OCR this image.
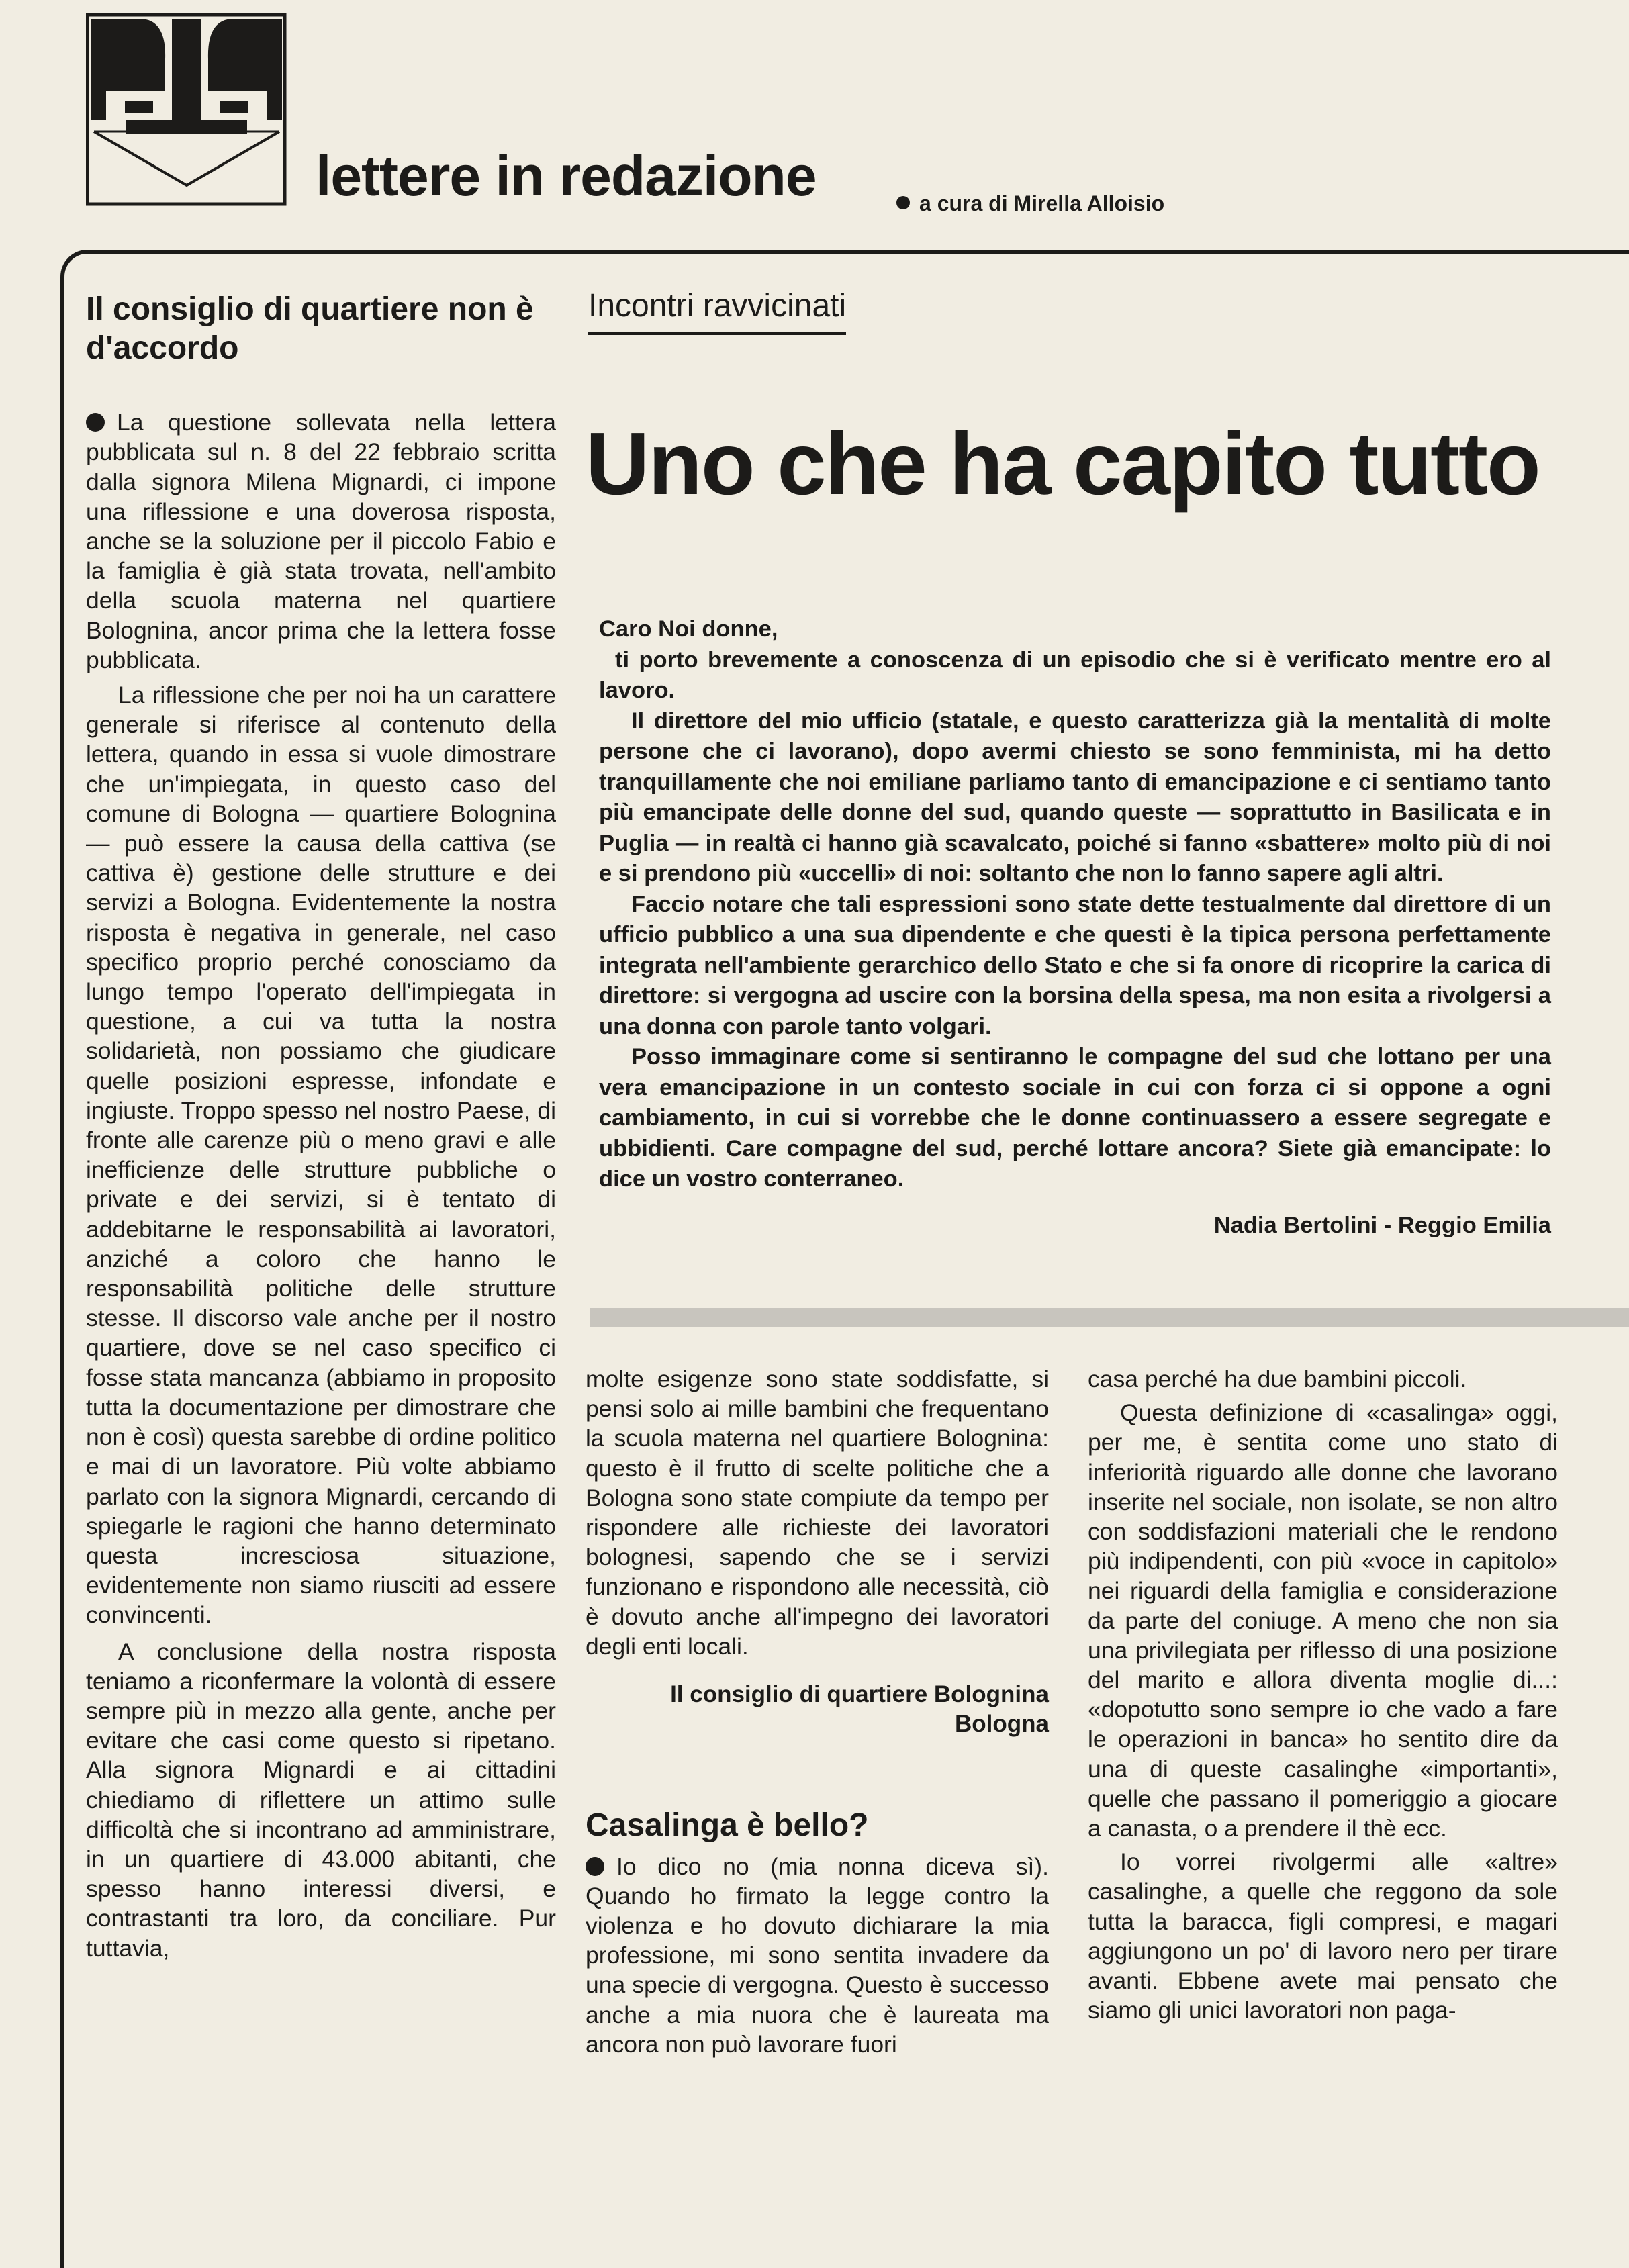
lettere in redazione	a cura di Mirella Alloisio
Il consiglio di quartiere non è d'accordo

La questione sollevata nella lettera pubblicata sul n. 8 del 22 febbraio scritta dalla signora Milena Mignardi, ci impone una riflessione e una doverosa risposta, anche se la soluzione per il piccolo Fabio e la famiglia è già stata trovata, nell'ambito della scuola materna nel quartiere Bolognina, ancor prima che la lettera fosse pubblicata.

La riflessione che per noi ha un carattere generale si riferisce al contenuto della lettera, quando in essa si vuole dimostrare che un'impiegata, in questo caso del comune di Bologna — quartiere Bolognina — può essere la causa della cattiva (se cattiva è) gestione delle strutture e dei servizi a Bologna. Evidentemente la nostra risposta è negativa in generale, nel caso specifico proprio perché conosciamo da lungo tempo l'operato dell'impiegata in questione, a cui va tutta la nostra solidarietà, non possiamo che giudicare quelle posizioni espresse, infondate e ingiuste. Troppo spesso nel nostro Paese, di fronte alle carenze più o meno gravi e alle inefficienze delle strutture pubbliche o private e dei servizi, si è tentato di addebitarne le responsabilità ai lavoratori, anziché a coloro che hanno le responsabilità politiche delle strutture stesse. Il discorso vale anche per il nostro quartiere, dove se nel caso specifico ci fosse stata mancanza (abbiamo in proposito tutta la documentazione per dimostrare che non è così) questa sarebbe di ordine politico e mai di un lavoratore. Più volte abbiamo parlato con la signora Mignardi, cercando di spiegarle le ragioni che hanno determinato questa incresciosa situazione, evidentemente non siamo riusciti ad essere convincenti.

A conclusione della nostra risposta teniamo a riconfermare la volontà di essere sempre più in mezzo alla gente, anche per evitare che casi come questo si ripetano. Alla signora Mignardi e ai cittadini chiediamo di riflettere un attimo sulle difficoltà che si incontrano ad amministrare, in un quartiere di 43.000 abitanti, che spesso hanno interessi diversi, e contrastanti tra loro, da conciliare. Pur tuttavia,

Incontri ravvicinati
Uno che ha capito tutto

Caro Noi donne,

ti porto brevemente a conoscenza di un episodio che si è verificato mentre ero al lavoro.

Il direttore del mio ufficio (statale, e questo caratterizza già la mentalità di molte persone che ci lavorano), dopo avermi chiesto se sono femminista, mi ha detto tranquillamente che noi emiliane parliamo tanto di emancipazione e ci sentiamo tanto più emancipate delle donne del sud, quando queste — soprattutto in Basilicata e in Puglia — in realtà ci hanno già scavalcato, poiché si fanno «sbattere» molto più di noi e si prendono più «uccelli» di noi: soltanto che non lo fanno sapere agli altri.

Faccio notare che tali espressioni sono state dette testualmente dal direttore di un ufficio pubblico a una sua dipendente e che questi è la tipica persona perfettamente integrata nell'ambiente gerarchico dello Stato e che si fa onore di ricoprire la carica di direttore: si vergogna ad uscire con la borsina della spesa, ma non esita a rivolgersi a una donna con parole tanto volgari.

Posso immaginare come si sentiranno le compagne del sud che lottano per una vera emancipazione in un contesto sociale in cui con forza ci si oppone a ogni cambiamento, in cui si vorrebbe che le donne continuassero a essere segregate e ubbidienti. Care compagne del sud, perché lottare ancora? Siete già emancipate: lo dice un vostro conterraneo.

Nadia Bertolini - Reggio Emilia

molte esigenze sono state soddisfatte, si pensi solo ai mille bambini che frequentano la scuola materna nel quartiere Bolognina: questo è il frutto di scelte politiche che a Bologna sono state compiute da tempo per rispondere alle richieste dei lavoratori bolognesi, sapendo che se i servizi funzionano e rispondono alle necessità, ciò è dovuto anche all'impegno dei lavoratori degli enti locali.

Il consiglio di quartiere Bolognina
Bologna
Casalinga è bello?

Io dico no (mia nonna diceva sì). Quando ho firmato la legge contro la violenza e ho dovuto dichiarare la mia professione, mi sono sentita invadere da una specie di vergogna. Questo è successo anche a mia nuora che è laureata ma ancora non può lavorare fuori

casa perché ha due bambini piccoli.

Questa definizione di «casalinga» oggi, per me, è sentita come uno stato di inferiorità riguardo alle donne che lavorano inserite nel sociale, non isolate, se non altro con soddisfazioni materiali che le rendono più indipendenti, con più «voce in capitolo» nei riguardi della famiglia e considerazione da parte del coniuge. A meno che non sia una privilegiata per riflesso di una posizione del marito e allora diventa moglie di...: «dopotutto sono sempre io che vado a fare le operazioni in banca» ho sentito dire da una di queste casalinghe «importanti», quelle che passano il pomeriggio a giocare a canasta, o a prendere il thè ecc.

Io vorrei rivolgermi alle «altre» casalinghe, a quelle che reggono da sole tutta la baracca, figli compresi, e magari aggiungono un po' di lavoro nero per tirare avanti. Ebbene avete mai pensato che siamo gli unici lavoratori non paga-
